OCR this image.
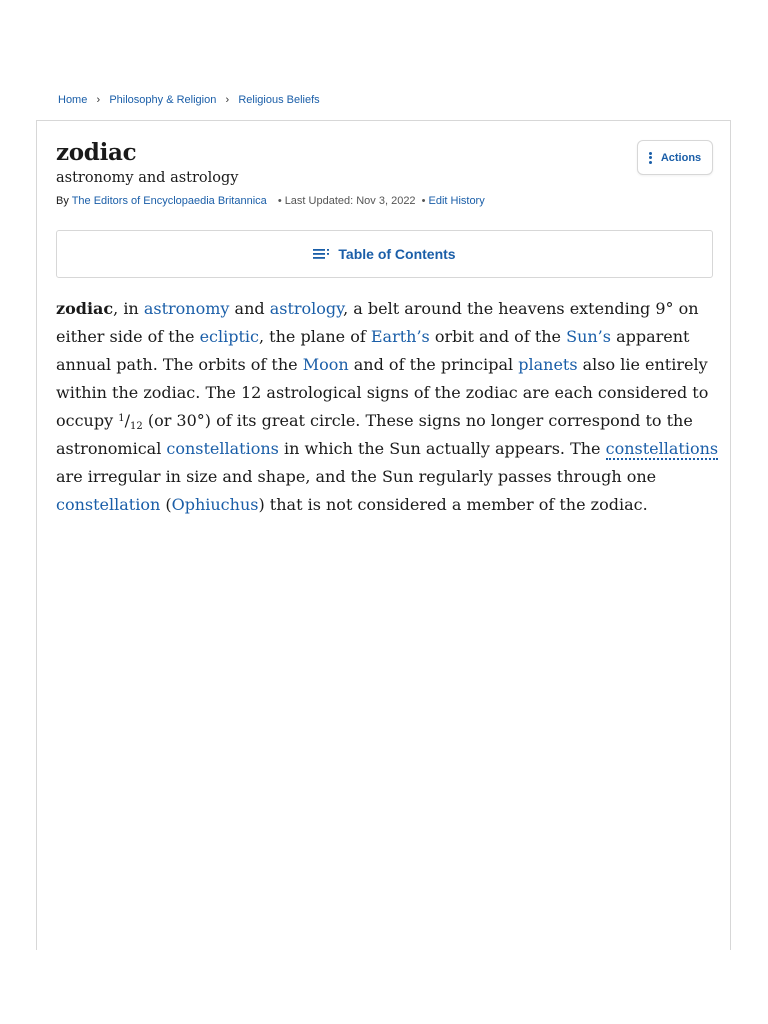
Home › Philosophy & Religion › Religious Beliefs
zodiac
astronomy and astrology
By The Editors of Encyclopaedia Britannica • Last Updated: Nov 3, 2022 • Edit History
Actions
Table of Contents
zodiac, in astronomy and astrology, a belt around the heavens extending 9° on
either side of the ecliptic, the plane of Earth’s orbit and of the Sun’s apparent
annual path. The orbits of the Moon and of the principal planets also lie entirely
within the zodiac. The 12 astrological signs of the zodiac are each considered to
occupy $^1/_{12}$ (or 30°) of its great circle. These signs no longer correspond to the
astronomical constellations in which the Sun actually appears. The constellations
are irregular in size and shape, and the Sun regularly passes through one
constellation (Ophiuchus) that is not considered a member of the zodiac.
